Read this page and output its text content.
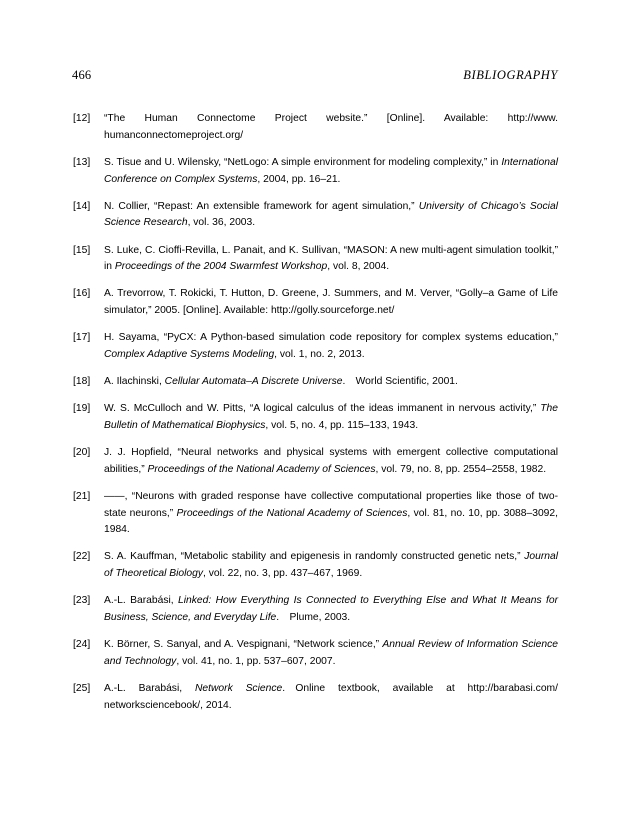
466	BIBLIOGRAPHY
[12]	“The Human Connectome Project website.” [Online]. Available: http://www. humanconnectomeproject.org/
[13]	S. Tisue and U. Wilensky, “NetLogo: A simple environment for modeling complexity,” in International Conference on Complex Systems, 2004, pp. 16–21.
[14]	N. Collier, “Repast: An extensible framework for agent simulation,” University of Chicago’s Social Science Research, vol. 36, 2003.
[15]	S. Luke, C. Cioffi-Revilla, L. Panait, and K. Sullivan, “MASON: A new multi-agent simulation toolkit,” in Proceedings of the 2004 Swarmfest Workshop, vol. 8, 2004.
[16]	A. Trevorrow, T. Rokicki, T. Hutton, D. Greene, J. Summers, and M. Verver, “Golly–a Game of Life simulator,” 2005. [Online]. Available: http://golly.sourceforge.net/
[17]	H. Sayama, “PyCX: A Python-based simulation code repository for complex systems education,” Complex Adaptive Systems Modeling, vol. 1, no. 2, 2013.
[18]	A. Ilachinski, Cellular Automata–A Discrete Universe. World Scientific, 2001.
[19]	W. S. McCulloch and W. Pitts, “A logical calculus of the ideas immanent in nervous activity,” The Bulletin of Mathematical Biophysics, vol. 5, no. 4, pp. 115–133, 1943.
[20]	J. J. Hopfield, “Neural networks and physical systems with emergent collective computational abilities,” Proceedings of the National Academy of Sciences, vol. 79, no. 8, pp. 2554–2558, 1982.
[21]	——, “Neurons with graded response have collective computational properties like those of two-state neurons,” Proceedings of the National Academy of Sciences, vol. 81, no. 10, pp. 3088–3092, 1984.
[22]	S. A. Kauffman, “Metabolic stability and epigenesis in randomly constructed genetic nets,” Journal of Theoretical Biology, vol. 22, no. 3, pp. 437–467, 1969.
[23]	A.-L. Barabási, Linked: How Everything Is Connected to Everything Else and What It Means for Business, Science, and Everyday Life. Plume, 2003.
[24]	K. Börner, S. Sanyal, and A. Vespignani, “Network science,” Annual Review of Information Science and Technology, vol. 41, no. 1, pp. 537–607, 2007.
[25]	A.-L. Barabási, Network Science. Online textbook, available at http://barabasi.com/ networksciencebook/, 2014.
